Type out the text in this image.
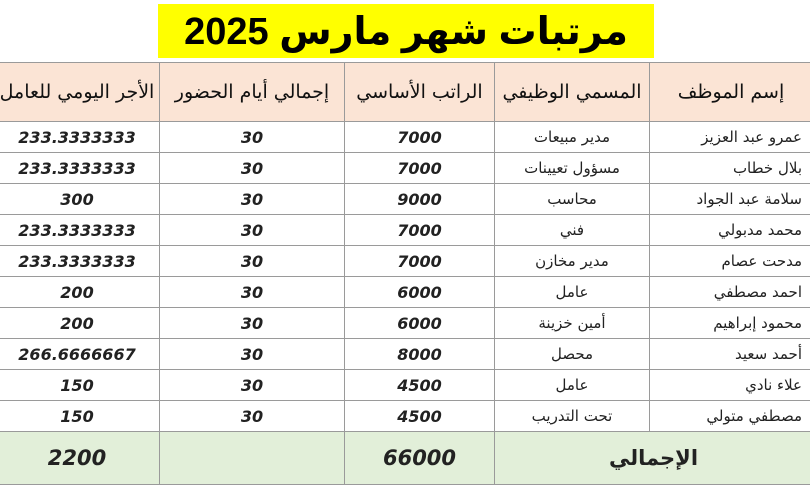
مرتبات شهر مارس 2025
الأجر اليومي للعامل	إجمالي أيام الحضور	الراتب الأساسي	المسمي الوظيفي	إسم الموظف
233.3333333	30	7000	مدير مبيعات	عمرو عبد العزيز
233.3333333	30	7000	مسؤول تعيينات	بلال خطاب
300	30	9000	محاسب	سلامة عبد الجواد
233.3333333	30	7000	فني	محمد مدبولي
233.3333333	30	7000	مدير مخازن	مدحت عصام
200	30	6000	عامل	احمد مصطفي
200	30	6000	أمين خزينة	محمود إبراهيم
266.6666667	30	8000	محصل	أحمد سعيد
150	30	4500	عامل	علاء نادي
150	30	4500	تحت التدريب	مصطفي متولي
2200		66000	الإجمالي	
